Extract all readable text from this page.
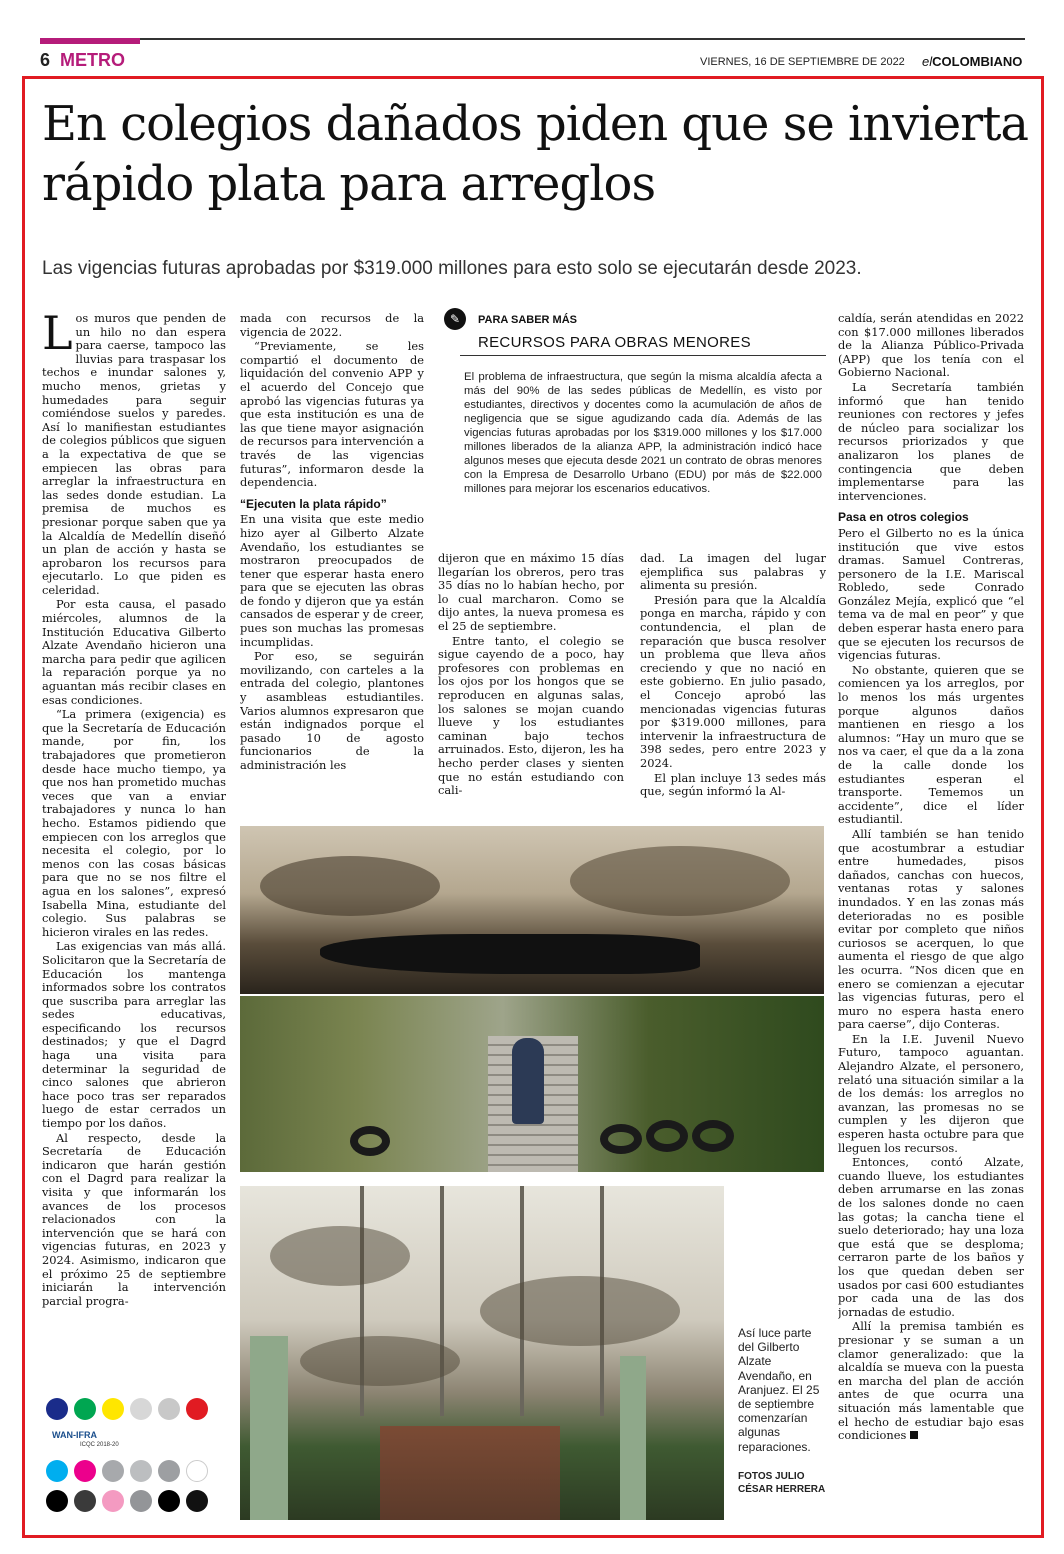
6 METRO	VIERNES, 16 DE SEPTIEMBRE DE 2022 elCOLOMBIANO
En colegios dañados piden que se invierta rápido plata para arreglos
Las vigencias futuras aprobadas por $319.000 millones para esto solo se ejecutarán desde 2023.

Los muros que penden de un hilo no dan espera para caerse, tampoco las lluvias para traspasar los techos e inundar salones y, mucho menos, grietas y humedades para seguir comiéndose suelos y paredes. Así lo manifiestan estudiantes de colegios públicos que siguen a la expectativa de que se empiecen las obras para arreglar la infraestructura en las sedes donde estudian. La premisa de muchos es presionar porque saben que ya la Alcaldía de Medellín diseñó un plan de acción y hasta se aprobaron los recursos para ejecutarlo. Lo que piden es celeridad.

Por esta causa, el pasado miércoles, alumnos de la Institución Educativa Gilberto Alzate Avendaño hicieron una marcha para pedir que agilicen la reparación porque ya no aguantan más recibir clases en esas condiciones.

“La primera (exigencia) es que la Secretaría de Educación mande, por fin, los trabajadores que prometieron desde hace mucho tiempo, ya que nos han prometido muchas veces que van a enviar trabajadores y nunca lo han hecho. Estamos pidiendo que empiecen con los arreglos que necesita el colegio, por lo menos con las cosas básicas para que no se nos filtre el agua en los salones”, expresó Isabella Mina, estudiante del colegio. Sus palabras se hicieron virales en las redes.

Las exigencias van más allá. Solicitaron que la Secretaría de Educación los mantenga informados sobre los contratos que suscriba para arreglar las sedes educativas, especificando los recursos destinados; y que el Dagrd haga una visita para determinar la seguridad de cinco salones que abrieron hace poco tras ser reparados luego de estar cerrados un tiempo por los daños.

Al respecto, desde la Secretaría de Educación indicaron que harán gestión con el Dagrd para realizar la visita y que informarán los avances de los procesos relacionados con la intervención que se hará con vigencias futuras, en 2023 y 2024. Asimismo, indicaron que el próximo 25 de septiembre iniciarán la intervención parcial progra-

mada con recursos de la vigencia de 2022.

“Previamente, se les compartió el documento de liquidación del convenio APP y el acuerdo del Concejo que aprobó las vigencias futuras ya que esta institución es una de las que tiene mayor asignación de recursos para intervención a través de las vigencias futuras”, informaron desde la dependencia.

“Ejecuten la plata rápido”

En una visita que este medio hizo ayer al Gilberto Alzate Avendaño, los estudiantes se mostraron preocupados de tener que esperar hasta enero para que se ejecuten las obras de fondo y dijeron que ya están cansados de esperar y de creer, pues son muchas las promesas incumplidas.

Por eso, se seguirán movilizando, con carteles a la entrada del colegio, plantones y asambleas estudiantiles. Varios alumnos expresaron que están indignados porque el pasado 10 de agosto funcionarios de la administración les

✎	PARA SABER MÁS
RECURSOS PARA OBRAS MENORES
El problema de infraestructura, que según la misma alcaldía afecta a más del 90% de las sedes públicas de Medellín, es visto por estudiantes, directivos y docentes como la acumulación de años de negligencia que se sigue agudizando cada día. Además de las vigencias futuras aprobadas por los $319.000 millones y los $17.000 millones liberados de la alianza APP, la administración indicó hace algunos meses que ejecuta desde 2021 un contrato de obras menores con la Empresa de Desarrollo Urbano (EDU) por más de $22.000 millones para mejorar los escenarios educativos.

dijeron que en máximo 15 días llegarían los obreros, pero tras 35 días no lo habían hecho, por lo cual marcharon. Como se dijo antes, la nueva promesa es el 25 de septiembre.

Entre tanto, el colegio se sigue cayendo de a poco, hay profesores con problemas en los ojos por los hongos que se reproducen en algunas salas, los salones se mojan cuando llueve y los estudiantes caminan bajo techos arruinados. Esto, dijeron, les ha hecho perder clases y sienten que no están estudiando con cali-

dad. La imagen del lugar ejemplifica sus palabras y alimenta su presión.

Presión para que la Alcaldía ponga en marcha, rápido y con contundencia, el plan de reparación que busca resolver un problema que lleva años creciendo y que no nació en este gobierno. En julio pasado, el Concejo aprobó las mencionadas vigencias futuras por $319.000 millones, para intervenir la infraestructura de 398 sedes, pero entre 2023 y 2024.

El plan incluye 13 sedes más que, según informó la Al-

caldía, serán atendidas en 2022 con $17.000 millones liberados de la Alianza Público-Privada (APP) que los tenía con el Gobierno Nacional.

La Secretaría también informó que han tenido reuniones con rectores y jefes de núcleo para socializar los recursos priorizados y que analizaron los planes de contingencia que deben implementarse para las intervenciones.

Pasa en otros colegios

Pero el Gilberto no es la única institución que vive estos dramas. Samuel Contreras, personero de la I.E. Mariscal Robledo, sede Conrado González Mejía, explicó que “el tema va de mal en peor” y que deben esperar hasta enero para que se ejecuten los recursos de vigencias futuras.

No obstante, quieren que se comiencen ya los arreglos, por lo menos los más urgentes porque algunos daños mantienen en riesgo a los alumnos: “Hay un muro que se nos va caer, el que da a la zona de la calle donde los estudiantes esperan el transporte. Tememos un accidente”, dice el líder estudiantil.

Allí también se han tenido que acostumbrar a estudiar entre humedades, pisos dañados, canchas con huecos, ventanas rotas y salones inundados. Y en las zonas más deterioradas no es posible evitar por completo que niños curiosos se acerquen, lo que aumenta el riesgo de que algo les ocurra. “Nos dicen que en enero se comienzan a ejecutar las vigencias futuras, pero el muro no espera hasta enero para caerse”, dijo Conteras.

En la I.E. Juvenil Nuevo Futuro, tampoco aguantan. Alejandro Alzate, el personero, relató una situación similar a la de los demás: los arreglos no avanzan, las promesas no se cumplen y les dijeron que esperen hasta octubre para que lleguen los recursos.

Entonces, contó Alzate, cuando llueve, los estudiantes deben arrumarse en las zonas de los salones donde no caen las gotas; la cancha tiene el suelo deteriorado; hay una loza que está que se desploma; cerraron parte de los baños y los que quedan deben ser usados por casi 600 estudiantes por cada una de las dos jornadas de estudio.

Allí la premisa también es presionar y se suman a un clamor generalizado: que la alcaldía se mueva con la puesta en marcha del plan de acción antes de que ocurra una situación más lamentable que el hecho de estudiar bajo esas condiciones

Así luce parte del Gilberto Alzate Avendaño, en Aranjuez. El 25 de septiembre comenzarían algunas reparaciones.
FOTOS JULIO CÉSAR HERRERA
WAN-IFRA
ICQC 2018-20
